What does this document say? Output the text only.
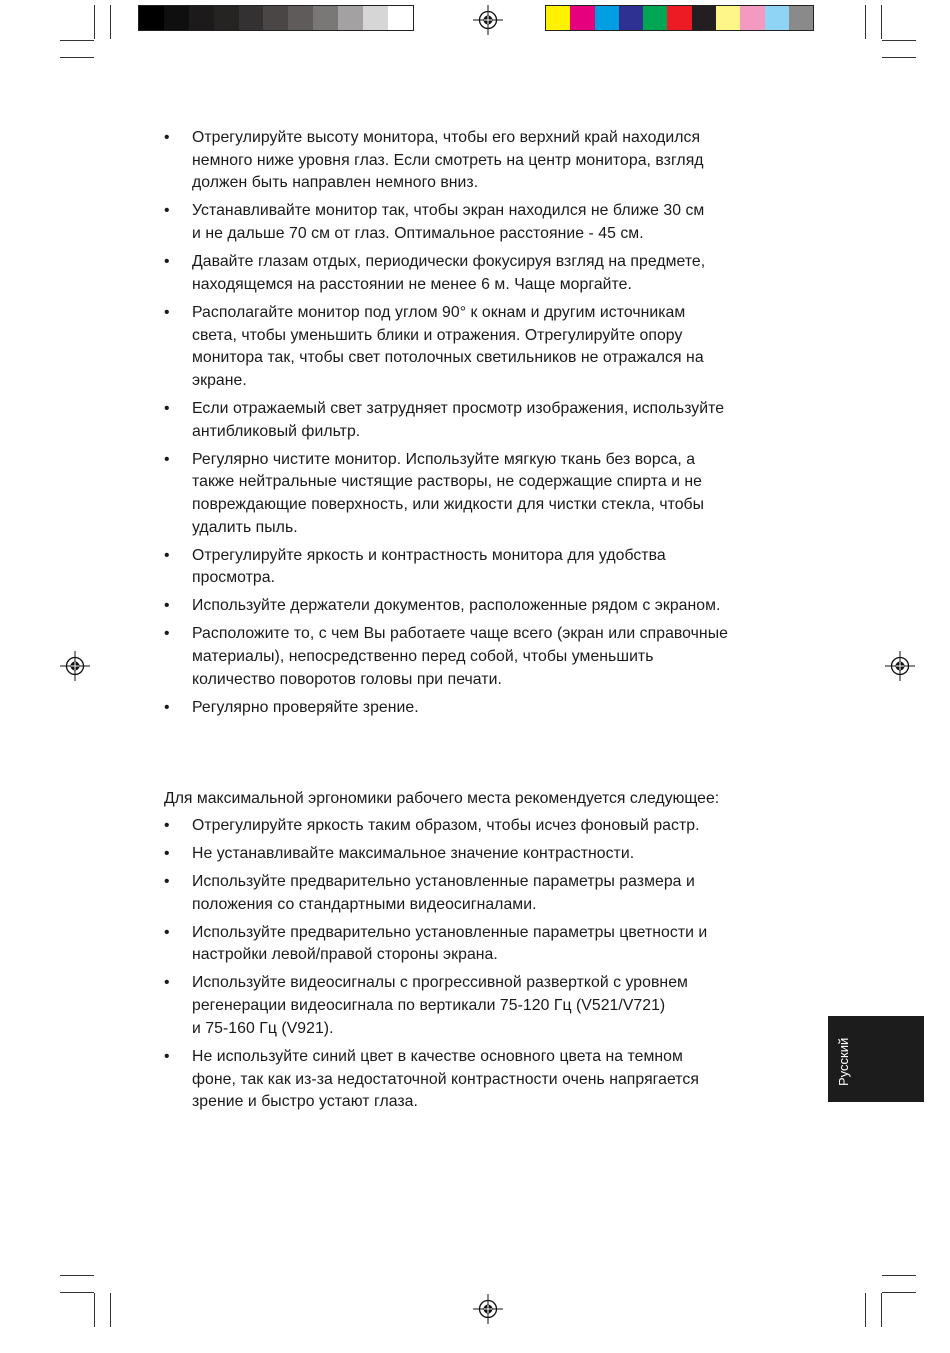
• Отрегулируйте высоту монитора, чтобы его верхний край находился
немного ниже уровня глаз. Если смотреть на центр монитора, взгляд
должен быть направлен немного вниз.
• Устанавливайте монитор так, чтобы экран находился не ближе 30 см
и не дальше 70 см от глаз. Оптимальное расстояние - 45 см.
• Давайте глазам отдых, периодически фокусируя взгляд на предмете,
находящемся на расстоянии не менее 6 м. Чаще моргайте.
• Располагайте монитор под углом 90° к окнам и другим источникам
света, чтобы уменьшить блики и отражения. Отрегулируйте опору
монитора так, чтобы свет потолочных светильников не отражался на
экране.
• Если отражаемый свет затрудняет просмотр изображения, используйте
антибликовый фильтр.
• Регулярно чистите монитор. Используйте мягкую ткань без ворса, а
также нейтральные чистящие растворы, не содержащие спирта и не
повреждающие поверхность, или жидкости для чистки стекла, чтобы
удалить пыль.
• Отрегулируйте яркость и контрастность монитора для удобства
просмотра.
• Используйте держатели документов, расположенные рядом с экраном.
• Расположите то, с чем Вы работаете чаще всего (экран или справочные
материалы), непосредственно перед собой, чтобы уменьшить
количество поворотов головы при печати.
• Регулярно проверяйте зрение.
Для максимальной эргономики рабочего места рекомендуется следующее:
• Отрегулируйте яркость таким образом, чтобы исчез фоновый растр.
• Не устанавливайте максимальное значение контрастности.
• Используйте предварительно установленные параметры размера и
положения со стандартными видеосигналами.
• Используйте предварительно установленные параметры цветности и
настройки левой/правой стороны экрана.
• Используйте видеосигналы с прогрессивной разверткой с уровнем
регенерации видеосигнала по вертикали 75-120 Гц (V521/V721)
и 75-160 Гц (V921).
• Не используйте синий цвет в качестве основного цвета на темном
фоне, так как из-за недостаточной контрастности очень напрягается
зрение и быстро устают глаза.
Русский
